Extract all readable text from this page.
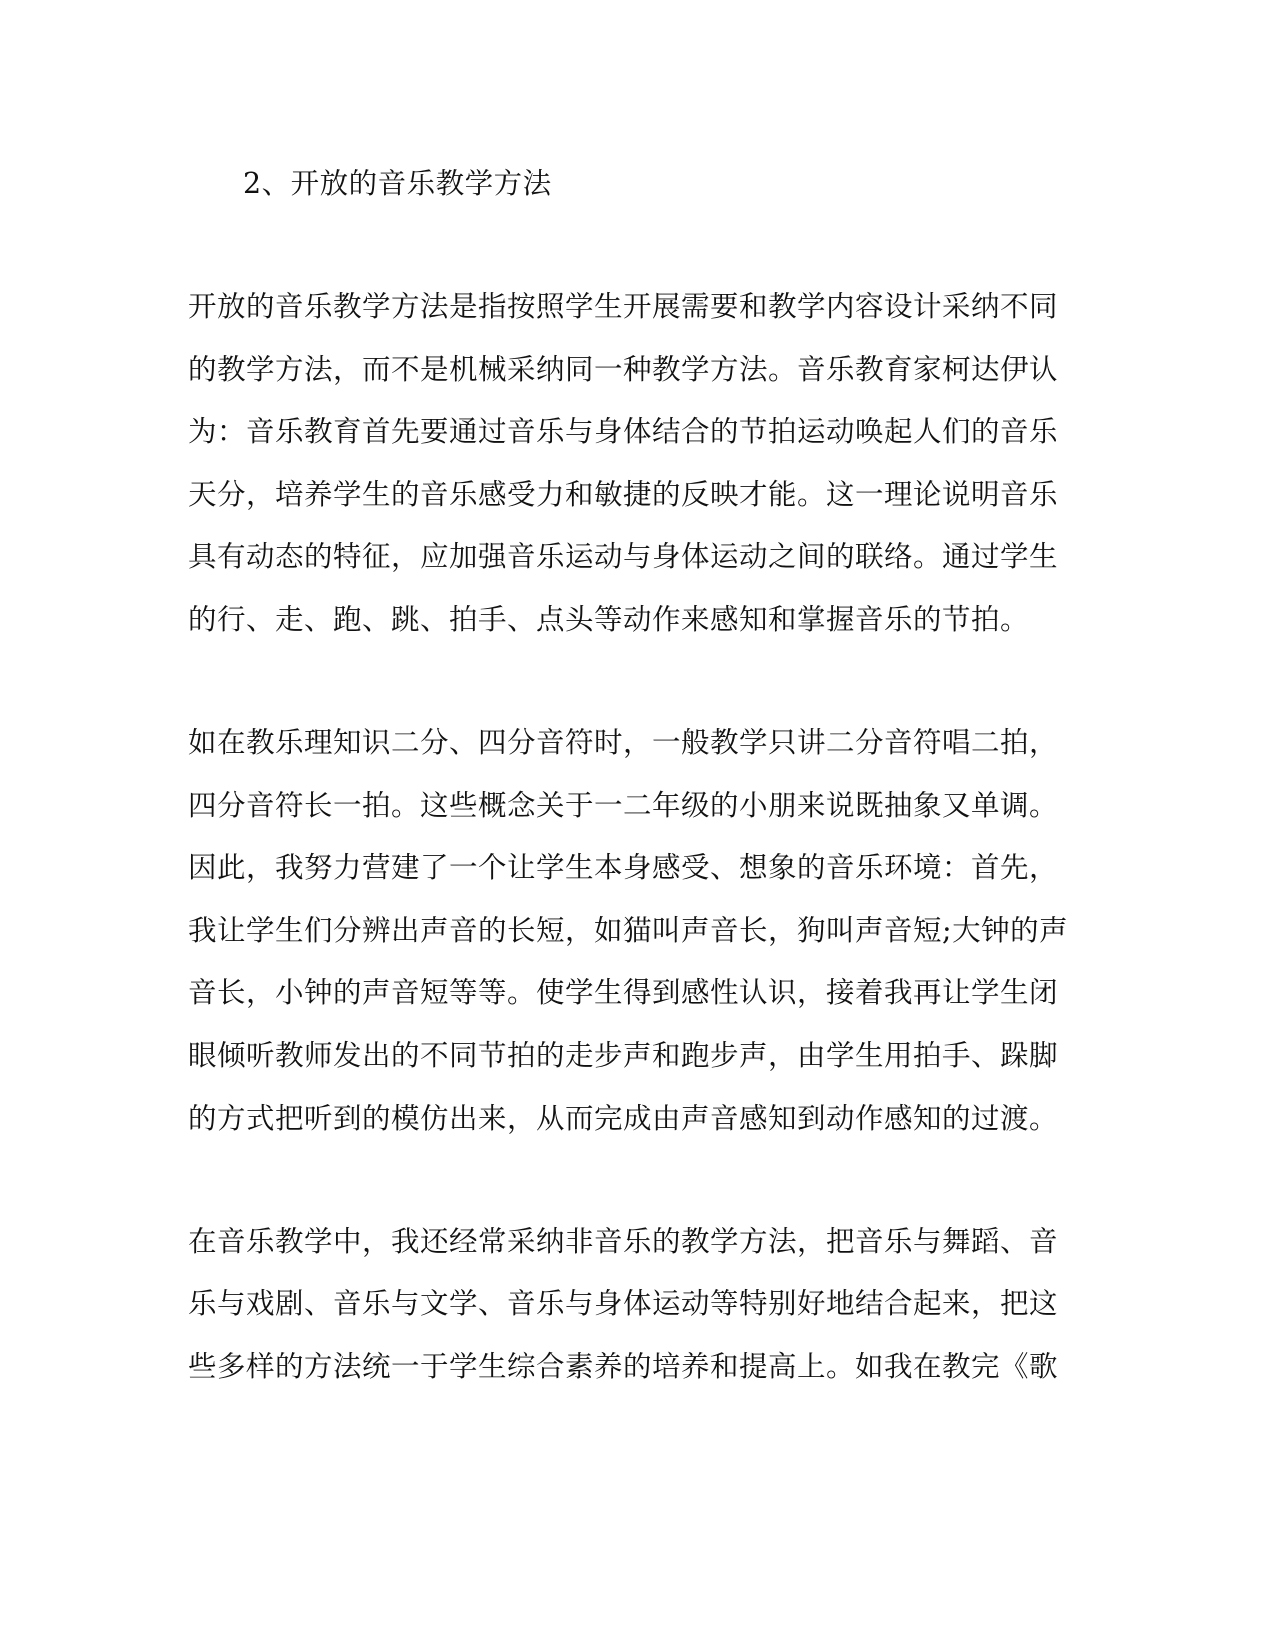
2、开放的音乐教学方法
开放的音乐教学方法是指按照学生开展需要和教学内容设计采纳不同
的教学方法，而不是机械采纳同一种教学方法。音乐教育家柯达伊认
为：音乐教育首先要通过音乐与身体结合的节拍运动唤起人们的音乐
天分，培养学生的音乐感受力和敏捷的反映才能。这一理论说明音乐
具有动态的特征，应加强音乐运动与身体运动之间的联络。通过学生
的行、走、跑、跳、拍手、点头等动作来感知和掌握音乐的节拍。
如在教乐理知识二分、四分音符时，一般教学只讲二分音符唱二拍，
四分音符长一拍。这些概念关于一二年级的小朋来说既抽象又单调。
因此，我努力营建了一个让学生本身感受、想象的音乐环境：首先，
我让学生们分辨出声音的长短，如猫叫声音长，狗叫声音短;大钟的声
音长，小钟的声音短等等。使学生得到感性认识，接着我再让学生闭
眼倾听教师发出的不同节拍的走步声和跑步声，由学生用拍手、跺脚
的方式把听到的模仿出来，从而完成由声音感知到动作感知的过渡。
在音乐教学中，我还经常采纳非音乐的教学方法，把音乐与舞蹈、音
乐与戏剧、音乐与文学、音乐与身体运动等特别好地结合起来，把这
些多样的方法统一于学生综合素养的培养和提高上。如我在教完《歌
